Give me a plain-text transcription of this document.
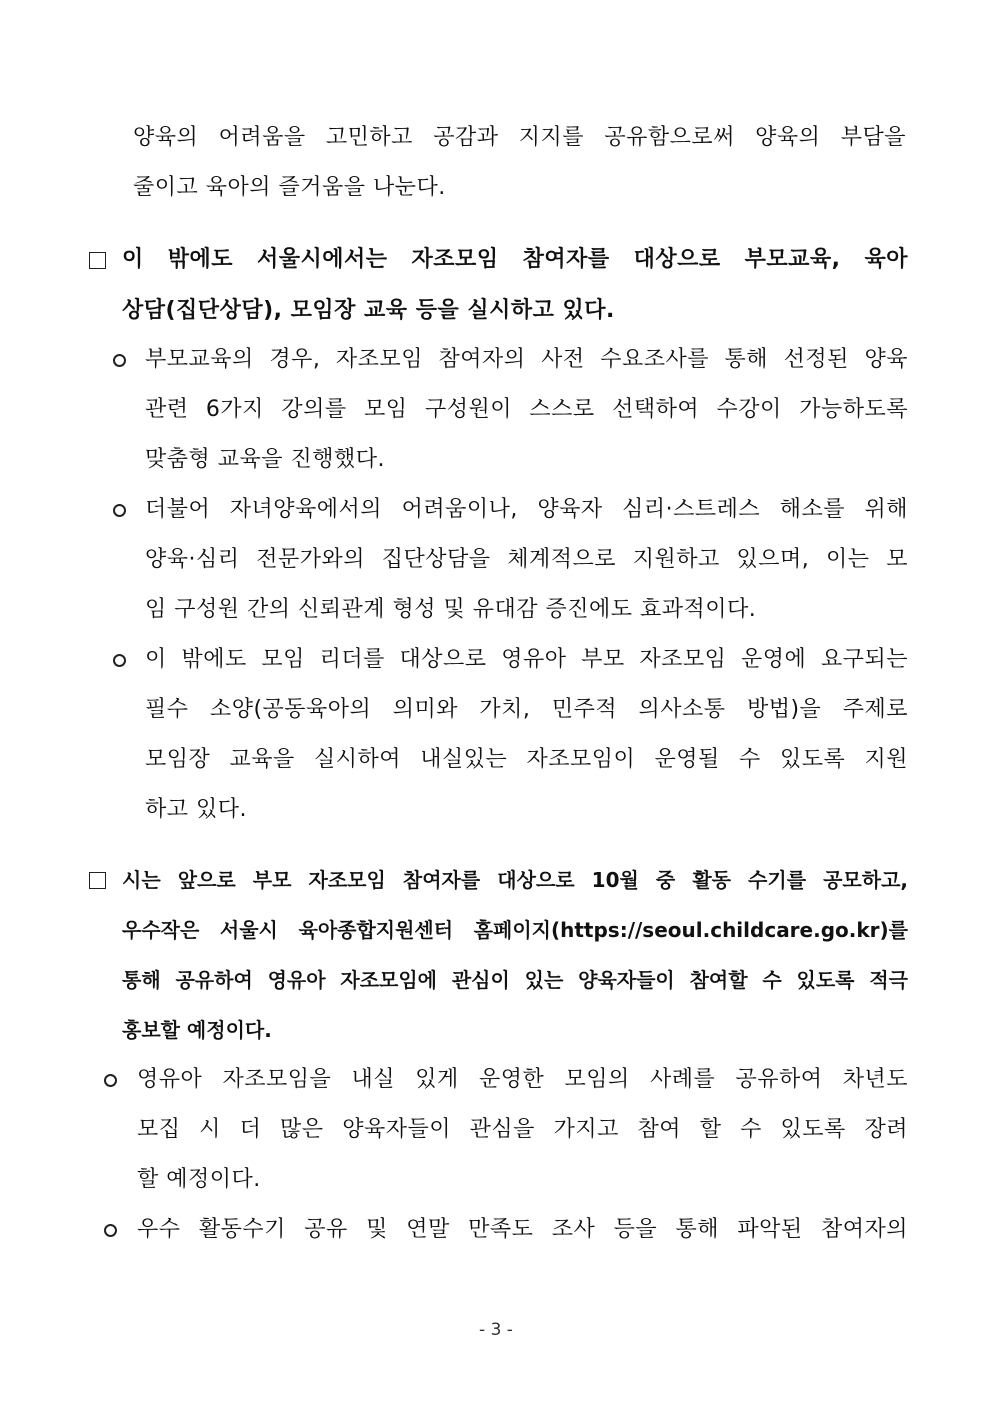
양육의 어려움을 고민하고 공감과 지지를 공유함으로써 양육의 부담을
줄이고 육아의 즐거움을 나눈다.
이 밖에도 서울시에서는 자조모임 참여자를 대상으로 부모교육, 육아
상담(집단상담), 모임장 교육 등을 실시하고 있다.
부모교육의 경우, 자조모임 참여자의 사전 수요조사를 통해 선정된 양육
관련 6가지 강의를 모임 구성원이 스스로 선택하여 수강이 가능하도록
맞춤형 교육을 진행했다.
더불어 자녀양육에서의 어려움이나, 양육자 심리·스트레스 해소를 위해
양육·심리 전문가와의 집단상담을 체계적으로 지원하고 있으며, 이는 모
임 구성원 간의 신뢰관계 형성 및 유대감 증진에도 효과적이다.
이 밖에도 모임 리더를 대상으로 영유아 부모 자조모임 운영에 요구되는
필수 소양(공동육아의 의미와 가치, 민주적 의사소통 방법)을 주제로
모임장 교육을 실시하여 내실있는 자조모임이 운영될 수 있도록 지원
하고 있다.
시는 앞으로 부모 자조모임 참여자를 대상으로 10월 중 활동 수기를 공모하고,
우수작은 서울시 육아종합지원센터 홈페이지(https://seoul.childcare.go.kr)를
통해 공유하여 영유아 자조모임에 관심이 있는 양육자들이 참여할 수 있도록 적극
홍보할 예정이다.
영유아 자조모임을 내실 있게 운영한 모임의 사례를 공유하여 차년도
모집 시 더 많은 양육자들이 관심을 가지고 참여 할 수 있도록 장려
할 예정이다.
우수 활동수기 공유 및 연말 만족도 조사 등을 통해 파악된 참여자의
- 3 -
